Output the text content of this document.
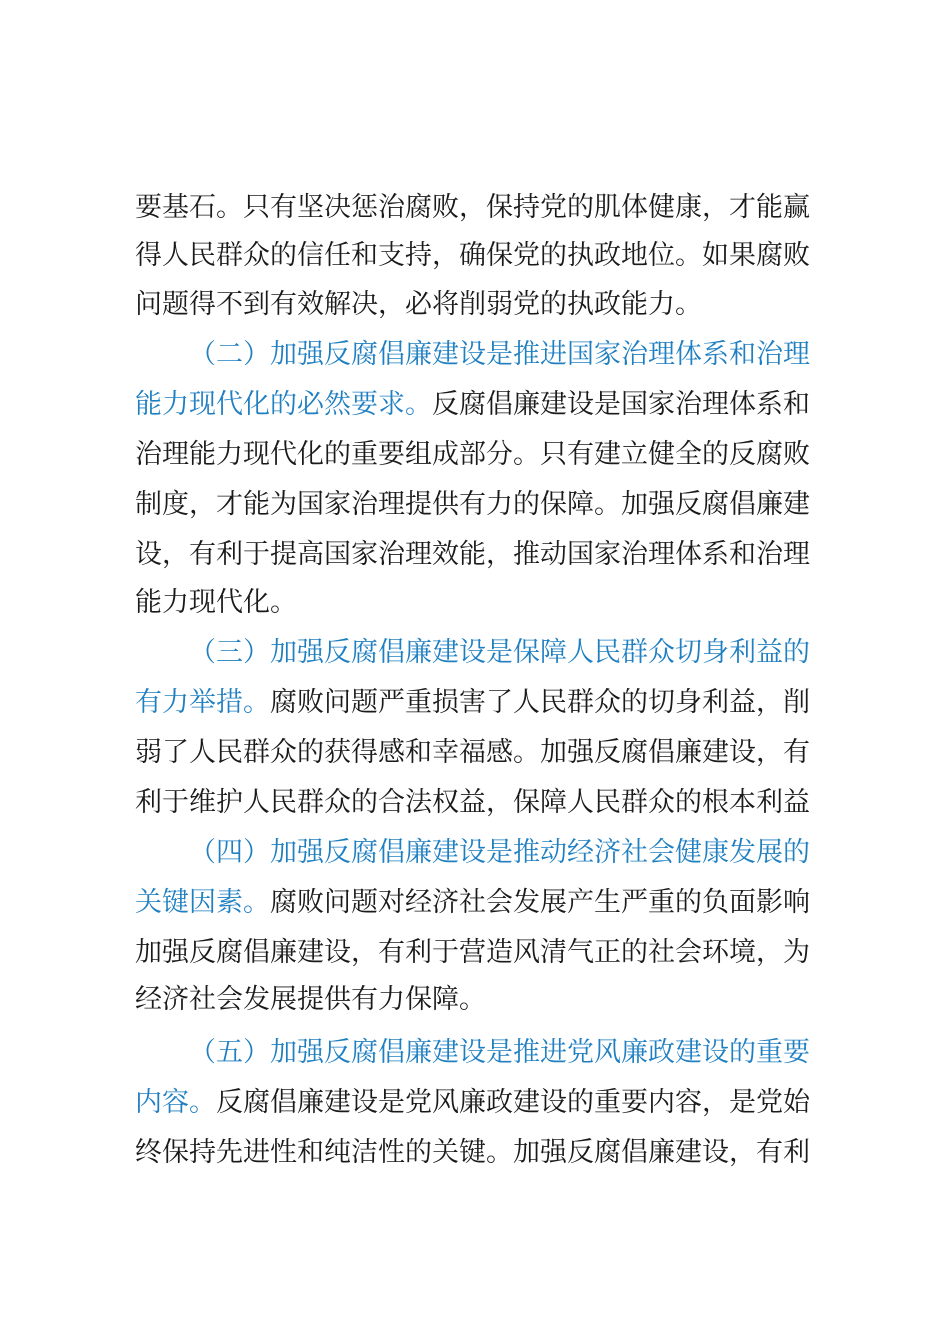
要基石。只有坚决惩治腐败，保持党的肌体健康，才能赢
得人民群众的信任和支持，确保党的执政地位。如果腐败
问题得不到有效解决，必将削弱党的执政能力。
（二）加强反腐倡廉建设是推进国家治理体系和治理
能力现代化的必然要求。反腐倡廉建设是国家治理体系和
治理能力现代化的重要组成部分。只有建立健全的反腐败
制度，才能为国家治理提供有力的保障。加强反腐倡廉建
设，有利于提高国家治理效能，推动国家治理体系和治理
能力现代化。
（三）加强反腐倡廉建设是保障人民群众切身利益的
有力举措。腐败问题严重损害了人民群众的切身利益，削
弱了人民群众的获得感和幸福感。加强反腐倡廉建设，有
利于维护人民群众的合法权益，保障人民群众的根本利益
（四）加强反腐倡廉建设是推动经济社会健康发展的
关键因素。腐败问题对经济社会发展产生严重的负面影响
加强反腐倡廉建设，有利于营造风清气正的社会环境，为
经济社会发展提供有力保障。
（五）加强反腐倡廉建设是推进党风廉政建设的重要
内容。反腐倡廉建设是党风廉政建设的重要内容，是党始
终保持先进性和纯洁性的关键。加强反腐倡廉建设，有利
